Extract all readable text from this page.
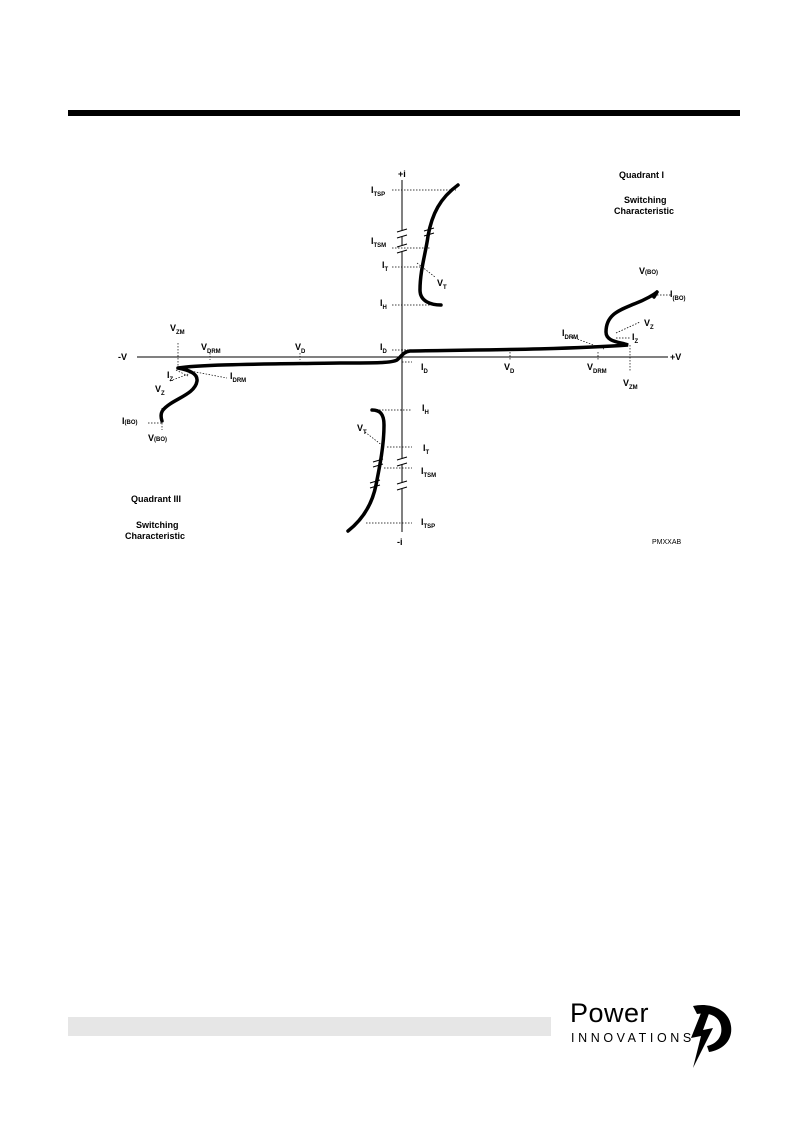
+i
-i
+V
-V
Quadrant I
Switching
Characteristic
Quadrant III
Switching
Characteristic
PMXXAB
$I_{TSP}$
$I_{TSM}$
$I_T$
$I_H$
$V_T$
V(BO)
$I_{(BO)}$
$V_Z$
$I_Z$
$I_{DRM}$
$I_D$
$V_D$	$V_{DRM}$
$V_{ZM}$
$V_{ZM}$
$V_{DRM}$	$V_D$
$I_Z$
$V_Z$
$I_{DRM}$
I(BO)
V(BO)
$I_D$
$I_H$
$V_T$
$I_T$
$I_{TSM}$
$I_{TSP}$
Power
INNOVATIONS
